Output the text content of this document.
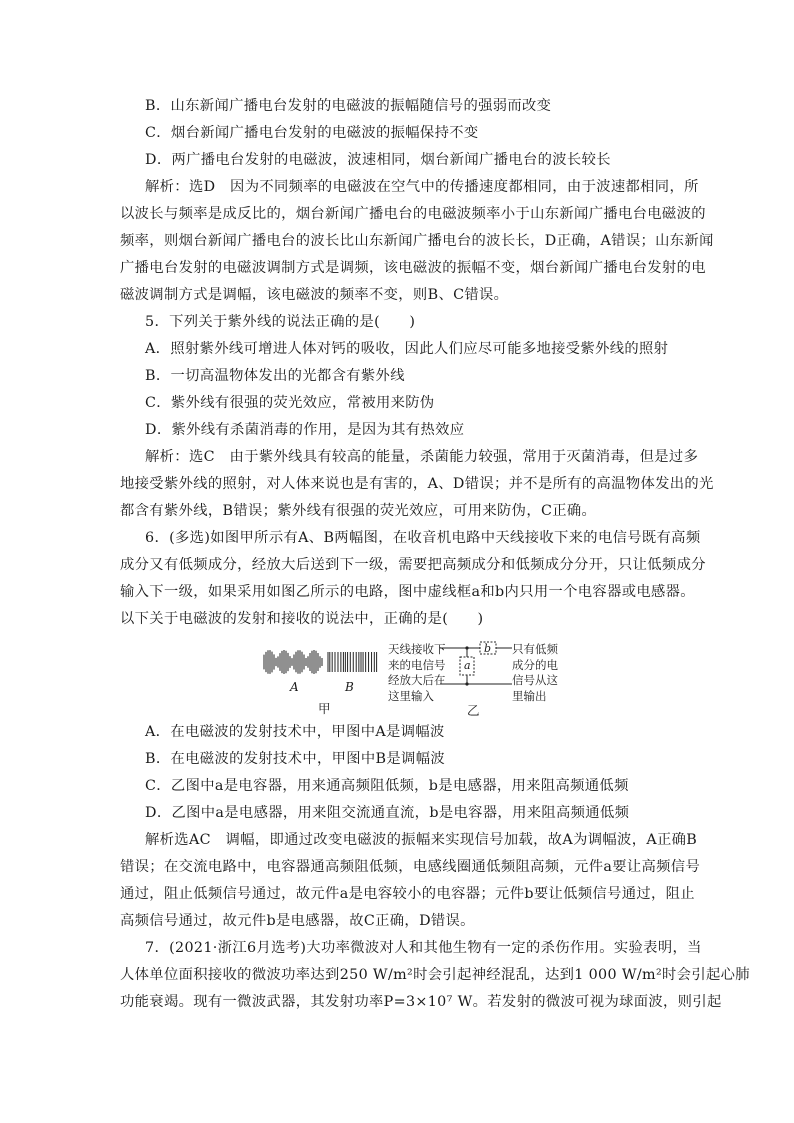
B．山东新闻广播电台发射的电磁波的振幅随信号的强弱而改变
C．烟台新闻广播电台发射的电磁波的振幅保持不变
D．两广播电台发射的电磁波，波速相同，烟台新闻广播电台的波长较长
解析：选D　因为不同频率的电磁波在空气中的传播速度都相同，由于波速都相同，所
以波长与频率是成反比的，烟台新闻广播电台的电磁波频率小于山东新闻广播电台电磁波的
频率，则烟台新闻广播电台的波长比山东新闻广播电台的波长长，D正确，A错误；山东新闻
广播电台发射的电磁波调制方式是调频，该电磁波的振幅不变，烟台新闻广播电台发射的电
磁波调制方式是调幅，该电磁波的频率不变，则B、C错误。
5．下列关于紫外线的说法正确的是(　　)
A．照射紫外线可增进人体对钙的吸收，因此人们应尽可能多地接受紫外线的照射
B．一切高温物体发出的光都含有紫外线
C．紫外线有很强的荧光效应，常被用来防伪
D．紫外线有杀菌消毒的作用，是因为其有热效应
解析：选C　由于紫外线具有较高的能量，杀菌能力较强，常用于灭菌消毒，但是过多
地接受紫外线的照射，对人体来说也是有害的，A、D错误；并不是所有的高温物体发出的光
都含有紫外线，B错误；紫外线有很强的荧光效应，可用来防伪，C正确。
6．(多选)如图甲所示有A、B两幅图，在收音机电路中天线接收下来的电信号既有高频
成分又有低频成分，经放大后送到下一级，需要把高频成分和低频成分分开，只让低频成分
输入下一级，如果采用如图乙所示的电路，图中虚线框a和b内只用一个电容器或电感器。
以下关于电磁波的发射和接收的说法中，正确的是(　　)
A	B
甲
天线接收下
来的电信号
经放大后在
这里输入
a
b 只有低频
成分的电
信号从这
里输出
乙
A．在电磁波的发射技术中，甲图中A是调幅波
B．在电磁波的发射技术中，甲图中B是调幅波
C．乙图中a是电容器，用来通高频阻低频，b是电感器，用来阻高频通低频
D．乙图中a是电感器，用来阻交流通直流，b是电容器，用来阻高频通低频
解析选AC　调幅，即通过改变电磁波的振幅来实现信号加载，故A为调幅波，A正确B
错误；在交流电路中，电容器通高频阻低频，电感线圈通低频阻高频，元件a要让高频信号
通过，阻止低频信号通过，故元件a是电容较小的电容器；元件b要让低频信号通过，阻止
高频信号通过，故元件b是电感器，故C正确，D错误。
7．(2021·浙江6月选考)大功率微波对人和其他生物有一定的杀伤作用。实验表明，当
人体单位面积接收的微波功率达到250 W/m²时会引起神经混乱，达到1 000 W/m²时会引起心肺
功能衰竭。现有一微波武器，其发射功率P=3×10⁷ W。若发射的微波可视为球面波，则引起
